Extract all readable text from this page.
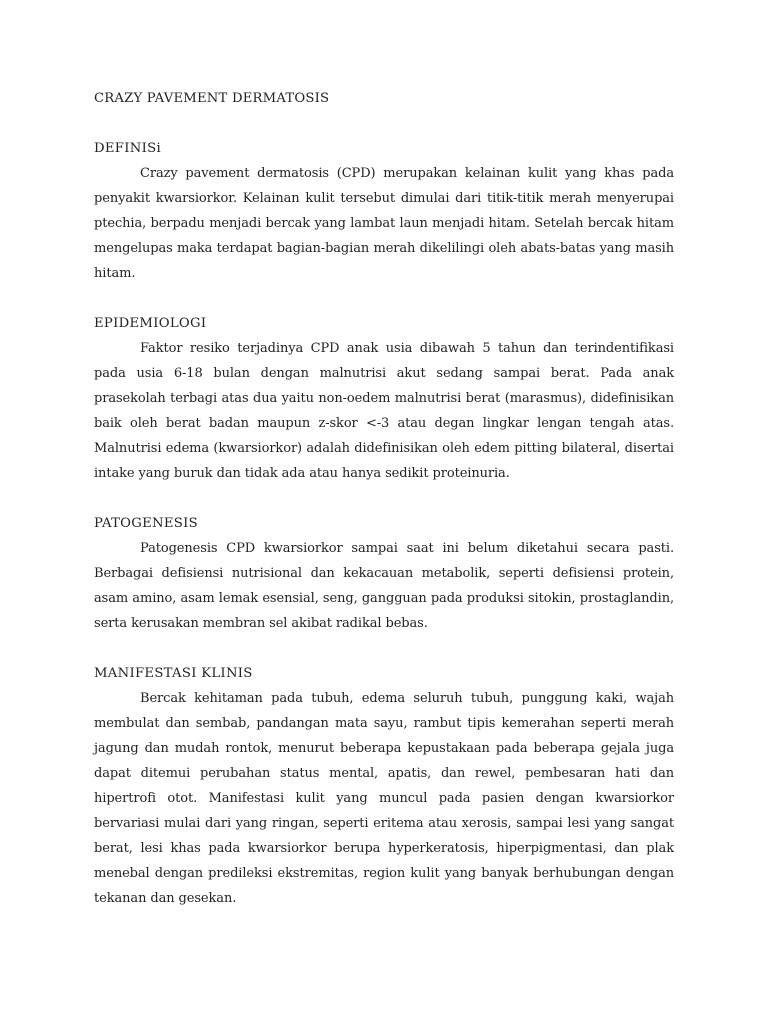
CRAZY PAVEMENT DERMATOSIS
DEFINISi

Crazy pavement dermatosis (CPD) merupakan kelainan kulit yang khas pada penyakit kwarsiorkor. Kelainan kulit tersebut dimulai dari titik-titik merah menyerupai ptechia, berpadu menjadi bercak yang lambat laun menjadi hitam. Setelah bercak hitam mengelupas maka terdapat bagian-bagian merah dikelilingi oleh abats-batas yang masih hitam.

EPIDEMIOLOGI

Faktor resiko terjadinya CPD anak usia dibawah 5 tahun dan terindentifikasi pada usia 6-18 bulan dengan malnutrisi akut sedang sampai berat. Pada anak prasekolah terbagi atas dua yaitu non-oedem malnutrisi berat (marasmus), didefinisikan baik oleh berat badan maupun z-skor <-3 atau degan lingkar lengan tengah atas. Malnutrisi edema (kwarsiorkor) adalah didefinisikan oleh edem pitting bilateral, disertai intake yang buruk dan tidak ada atau hanya sedikit proteinuria.

PATOGENESIS

Patogenesis CPD kwarsiorkor sampai saat ini belum diketahui secara pasti. Berbagai defisiensi nutrisional dan kekacauan metabolik, seperti defisiensi protein, asam amino, asam lemak esensial, seng, gangguan pada produksi sitokin, prostaglandin, serta kerusakan membran sel akibat radikal bebas.

MANIFESTASI KLINIS

Bercak kehitaman pada tubuh, edema seluruh tubuh, punggung kaki, wajah membulat dan sembab, pandangan mata sayu, rambut tipis kemerahan seperti merah jagung dan mudah rontok, menurut beberapa kepustakaan pada beberapa gejala juga dapat ditemui perubahan status mental, apatis, dan rewel, pembesaran hati dan hipertrofi otot. Manifestasi kulit yang muncul pada pasien dengan kwarsiorkor bervariasi mulai dari yang ringan, seperti eritema atau xerosis, sampai lesi yang sangat berat, lesi khas pada kwarsiorkor berupa hyperkeratosis, hiperpigmentasi, dan plak menebal dengan predileksi ekstremitas, region kulit yang banyak berhubungan dengan tekanan dan gesekan.
